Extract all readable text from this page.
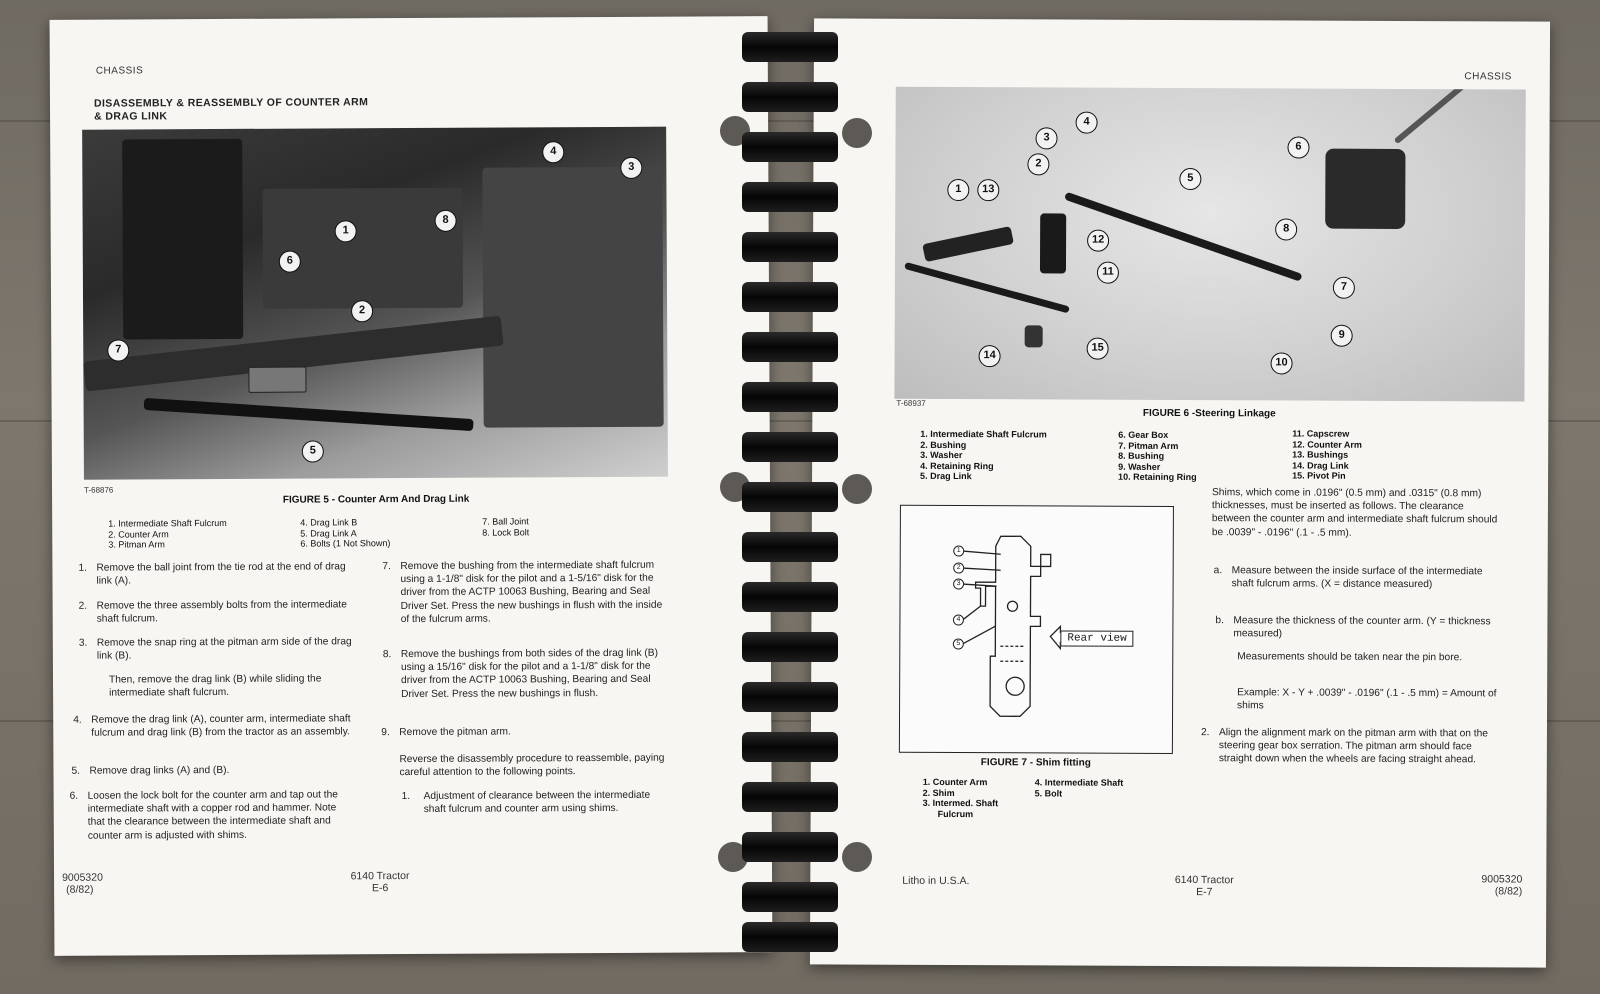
CHASSIS
DISASSEMBLY & REASSEMBLY OF COUNTER ARM
& DRAG LINK
1
2
3
4
5
6
7
8
T-68876
FIGURE 5 - Counter Arm And Drag Link
1. Intermediate Shaft Fulcrum
2. Counter Arm
3. Pitman Arm
4. Drag Link B
5. Drag Link A
6. Bolts (1 Not Shown)
7. Ball Joint
8. Lock Bolt
1. Remove the ball joint from the tie rod at the end of drag link (A).
2. Remove the three assembly bolts from the intermediate shaft fulcrum.
3. Remove the snap ring at the pitman arm side of the drag link (B).
Then, remove the drag link (B) while sliding the intermediate shaft fulcrum.
4. Remove the drag link (A), counter arm, intermediate shaft fulcrum and drag link (B) from the tractor as an assembly.
5. Remove drag links (A) and (B).
6. Loosen the lock bolt for the counter arm and tap out the intermediate shaft with a copper rod and hammer. Note that the clearance between the intermediate shaft and counter arm is adjusted with shims.
7. Remove the bushing from the intermediate shaft fulcrum using a 1-1/8" disk for the pilot and a 1-5/16" disk for the driver from the ACTP 10063 Bushing, Bearing and Seal Driver Set. Press the new bushings in flush with the inside of the fulcrum arms.
8. Remove the bushings from both sides of the drag link (B) using a 15/16" disk for the pilot and a 1-1/8" disk for the driver from the ACTP 10063 Bushing, Bearing and Seal Driver Set. Press the new bushings in flush.
9. Remove the pitman arm.
Reverse the disassembly procedure to reassemble, paying careful attention to the following points.
1. Adjustment of clearance between the intermediate shaft fulcrum and counter arm using shims.
9005320
(8/82)
6140 Tractor
E-6
CHASSIS
1
2
3
4
5
6
7
8
9
10
11
12
13
14
15
T-68937
FIGURE 6 -Steering Linkage
1. Intermediate Shaft Fulcrum
2. Bushing
3. Washer
4. Retaining Ring
5. Drag Link
6. Gear Box
7. Pitman Arm
8. Bushing
9. Washer
10. Retaining Ring
11. Capscrew
12. Counter Arm
13. Bushings
14. Drag Link
15. Pivot Pin
1
2
3
4
5	Rear view
FIGURE 7 - Shim fitting
1. Counter Arm
2. Shim
3. Intermed. Shaft
Fulcrum
4. Intermediate Shaft
5. Bolt
Shims, which come in .0196" (0.5 mm) and .0315" (0.8 mm) thicknesses, must be inserted as follows. The clearance between the counter arm and intermediate shaft fulcrum should be .0039" - .0196" (.1 - .5 mm).
a. Measure between the inside surface of the intermediate shaft fulcrum arms. (X = distance measured)
b. Measure the thickness of the counter arm. (Y = thickness measured)
Measurements should be taken near the pin bore.
Example: X - Y + .0039" - .0196" (.1 - .5 mm) = Amount of shims
2. Align the alignment mark on the pitman arm with that on the steering gear box serration. The pitman arm should face straight down when the wheels are facing straight ahead.
Litho in U.S.A.	6140 Tractor
E-7
9005320
(8/82)
